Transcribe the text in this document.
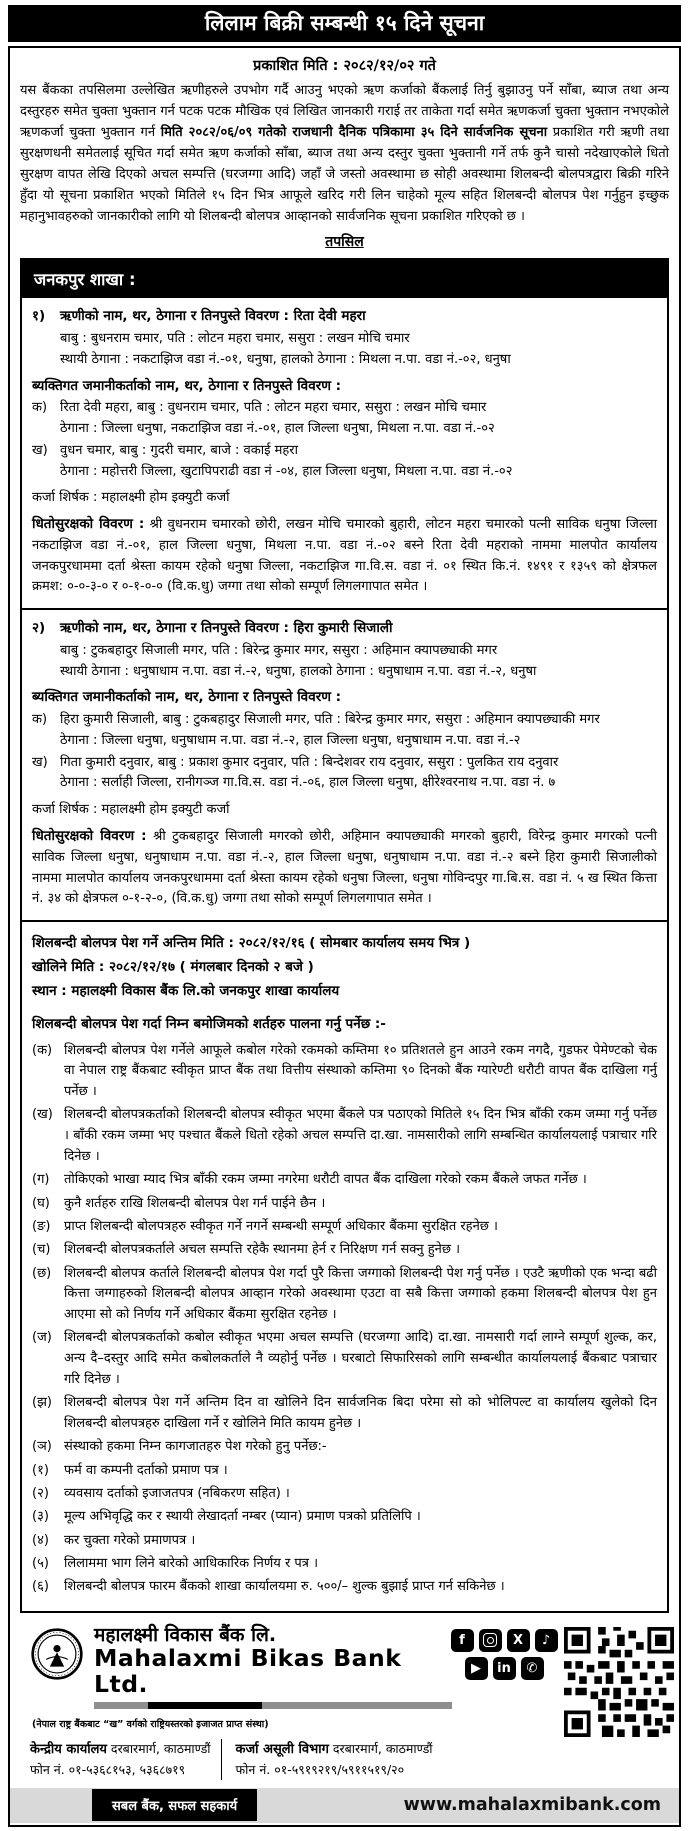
लिलाम बिक्री सम्बन्धी १५ दिने सूचना
प्रकाशित मिति : २०८२/१२/०२ गते

यस बैंकका तपसिलमा उल्लेखित ऋणीहरुले उपभोग गर्दै आउनु भएको ऋण कर्जाको बैंकलाई तिर्नु बुझाउनु पर्ने साँबा, ब्याज तथा अन्य दस्तुरहरु समेत चुक्ता भुक्तान गर्न पटक पटक मौखिक एवं लिखित जानकारी गराई तर ताकेता गर्दा समेत ऋणकर्जा चुक्ता भुक्तान नभएकोले ऋणकर्जा चुक्ता भुक्तान गर्न मिति २०८२/०६/०९ गतेको राजधानी दैनिक पत्रिकामा ३५ दिने सार्वजनिक सूचना प्रकाशित गरी ऋणी तथा सुरक्षणधनी समेतलाई सूचित गर्दा समेत ऋण कर्जाको साँबा, ब्याज तथा अन्य दस्तुर चुक्ता भुक्तानी गर्ने तर्फ कुनै चासो नदेखाएकोले धितो सुरक्षण वापत लेखि दिएको अचल सम्पत्ति (घरजग्गा आदि) जहाँ जे जस्तो अवस्थामा छ सोही अवस्थामा शिलबन्दी बोलपत्रद्वारा बिक्री गरिने हुँदा यो सूचना प्रकाशित भएको मितिले १५ दिन भित्र आफूले खरिद गरी लिन चाहेको मूल्य सहित शिलबन्दी बोलपत्र पेश गर्नुहुन इच्छुक महानुभावहरुको जानकारीको लागि यो शिलबन्दी बोलपत्र आव्हानको सार्वजनिक सूचना प्रकाशित गरिएको छ ।

तपसिल
जनकपुर शाखा :
१)	ऋणीको नाम, थर, ठेगाना र तिनपुस्ते विवरण : रिता देवी महरा
बाबु : बुधनराम चमार, पति : लोटन महरा चमार, ससुरा : लखन मोचि चमार
स्थायी ठेगाना : नकटाझिज वडा नं.-०१, धनुषा, हालको ठेगाना : मिथला न.पा. वडा नं.-०२, धनुषा
ब्यक्तिगत जमानीकर्ताको नाम, थर, ठेगाना र तिनपुस्ते विवरण :
क) रिता देवी महरा, बाबु : वुधनराम चमार, पति : लोटन महरा चमार, ससुरा : लखन मोचि चमार
ठेगाना : जिल्ला धनुषा, नकटाझिज वडा नं.-०१, हाल जिल्ला धनुषा, मिथला न.पा. वडा नं.-०२
ख) वुधन चमार, बाबु : गुदरी चमार, बाजे : वकाई महरा
ठेगाना : महोत्तरी जिल्ला, खुटापिपराढी वडा नं -०४, हाल जिल्ला धनुषा, मिथला न.पा. वडा नं.-०२
कर्जा शिर्षक : महालक्ष्मी होम इक्युटी कर्जा
धितोसुरक्षको विवरण : श्री वुधनराम चमारको छोरी, लखन मोचि चमारको बुहारी, लोटन महरा चमारको पत्नी साविक धनुषा जिल्ला नकटाझिज वडा नं.-०१, हाल जिल्ला धनुषा, मिथला न.पा. वडा नं.-०२ बस्ने रिता देवी महराको नाममा मालपोत कार्यालय जनकपुरधाममा दर्ता श्रेस्ता कायम रहेको धनुषा जिल्ला, नकटाझिज गा.वि.स. वडा नं. ०१ स्थित कि.नं. १४९१ र १३५९ को क्षेत्रफल क्रमश: ०-०-३-० र ०-१-०-० (वि.क.धु) जग्गा तथा सोको सम्पूर्ण लिगलगापात समेत ।
२)	ऋणीको नाम, थर, ठेगाना र तिनपुस्ते विवरण : हिरा कुमारी सिजाली
बाबु : टुकबहादुर सिजाली मगर, पति : बिरेन्द्र कुमार मगर, ससुरा : अहिमान क्यापछ्याकी मगर
स्थायी ठेगाना : धनुषाधाम न.पा. वडा नं.-२, धनुषा, हालको ठेगाना : धनुषाधाम न.पा. वडा नं.-२, धनुषा
ब्यक्तिगत जमानीकर्ताको नाम, थर, ठेगाना र तिनपुस्ते विवरण :
क) हिरा कुमारी सिजाली, बाबु : टुकबहादुर सिजाली मगर, पति : बिरेन्द्र कुमार मगर, ससुरा : अहिमान क्यापछ्याकी मगर
ठेगाना : जिल्ला धनुषा, धनुषाधाम न.पा. वडा नं.-२, हाल जिल्ला धनुषा, धनुषाधाम न.पा. वडा नं.-२
ख) गिता कुमारी दनुवार, बाबु : प्रकाश कुमार दनुवार, पति : बिन्देशवर राय दनुवार, ससुरा : पुलकित राय दनुवार
ठेगाना : सर्लाही जिल्ला, रानीगञ्ज गा.वि.स. वडा नं.-०६, हाल जिल्ला धनुषा, क्षीरेश्वरनाथ न.पा. वडा नं. ७
कर्जा शिर्षक : महालक्ष्मी होम इक्युटी कर्जा
धितोसुरक्षको विवरण : श्री टुकबहादुर सिजाली मगरको छोरी, अहिमान क्यापछ्याकी मगरको बुहारी, विरेन्द्र कुमार मगरको पत्नी साविक जिल्ला धनुषा, धनुषाधाम न.पा. वडा नं.-२, हाल जिल्ला धनुषा, धनुषाधाम न.पा. वडा नं.-२ बस्ने हिरा कुमारी सिजालीको नाममा मालपोत कार्यालय जनकपुरधाममा दर्ता श्रेस्ता कायम रहेको धनुषा जिल्ला, धनुषा गोविन्दपुर गा.बि.स. वडा नं. ५ ख स्थित कित्ता नं. ३४ को क्षेत्रफल ०-१-२-०, (वि.क.धु) जग्गा तथा सोको सम्पूर्ण लिगलगापात समेत ।
शिलबन्दी बोलपत्र पेश गर्ने अन्तिम मिति : २०८२/१२/१६ ( सोमबार कार्यालय समय भित्र )
खोलिने मिति : २०८२/१२/१७ ( मंगलबार दिनको २ बजे )
स्थान : महालक्ष्मी विकास बैंक लि.को जनकपुर शाखा कार्यालय
शिलबन्दी बोलपत्र पेश गर्दा निम्न बमोजिमको शर्तहरु पालना गर्नु पर्नेछ :-
(क) शिलबन्दी बोलपत्र पेश गर्नेले आफूले कबोल गरेको रकमको कम्तिमा १० प्रतिशतले हुन आउने रकम नगदै, गुडफर पेमेण्टको चेक वा नेपाल राष्ट्र बैंकबाट स्वीकृत प्राप्त बैंक तथा वित्तीय संस्थाको कम्तिमा ९० दिनको बैंक ग्यारेण्टी धरौटी वापत बैंक दाखिला गर्नु पर्नेछ ।
(ख) शिलबन्दी बोलपत्रकर्ताको शिलबन्दी बोलपत्र स्वीकृत भएमा बैंकले पत्र पठाएको मितिले १५ दिन भित्र बाँकी रकम जम्मा गर्नु पर्नेछ । बाँकी रकम जम्मा भए पश्चात बैंकले धितो रहेको अचल सम्पत्ति दा.खा. नामसारीको लागि सम्बन्धित कार्यालयलाई पत्राचार गरि दिनेछ ।
(ग)	तोकिएको भाखा म्याद भित्र बाँकी रकम जम्मा नगरेमा धरौटी वापत बैंक दाखिला गरेको रकम बैंकले जफत गर्नेछ ।
(घ)	कुनै शर्तहरु राखि शिलबन्दी बोलपत्र पेश गर्न पाईने छैन ।
(ङ)	प्राप्त शिलबन्दी बोलपत्रहरु स्वीकृत गर्ने नगर्ने सम्बन्धी सम्पूर्ण अधिकार बैंकमा सुरक्षित रहनेछ ।
(च)	शिलबन्दी बोलपत्रकर्ताले अचल सम्पत्ति रहेकै स्थानमा हेर्न र निरिक्षण गर्न सक्नु हुनेछ ।
(छ) शिलबन्दी बोलपत्र कर्ताले शिलबन्दी बोलपत्र पेश गर्दा पुरै कित्ता जग्गाको शिलबन्दी पेश गर्नु पर्नेछ । एउटै ऋणीको एक भन्दा बढी कित्ता जग्गाहरुको शिलबन्दी बोलपत्र आव्हान गरेको अवस्थामा एउटा वा सबै कित्ता जग्गाको हकमा शिलबन्दी बोलपत्र पेश हुन आएमा सो को निर्णय गर्ने अधिकार बैंकमा सुरक्षित रहनेछ ।
(ज) शिलबन्दी बोलपत्रकर्ताको कबोल स्वीकृत भएमा अचल सम्पत्ति (घरजग्गा आदि) दा.खा. नामसारी गर्दा लाग्ने सम्पूर्ण शुल्क, कर, अन्य दै–दस्तुर आदि समेत कबोलकर्ताले नै व्यहोर्नु पर्नेछ । घरबाटो सिफारिसको लागि सम्बन्धीत कार्यालयलाई बैंकबाट पत्राचार गरि दिनेछ ।
(झ) शिलबन्दी बोलपत्र पेश गर्ने अन्तिम दिन वा खोलिने दिन सार्वजनिक बिदा परेमा सो को भोलिपल्ट वा कार्यालय खुलेको दिन शिलबन्दी बोलपत्रहरु दाखिला गर्ने र खोलिने मिति कायम हुनेछ ।
(ञ) संस्थाको हकमा निम्न कागजातहरु पेश गरेको हुनु पर्नेछ:-
(१)	फर्म वा कम्पनी दर्ताको प्रमाण पत्र ।
(२)	व्यवसाय दर्ताको इजाजतपत्र (नबिकरण सहित) ।
(३)	मूल्य अभिवृद्धि कर र स्थायी लेखादर्ता नम्बर (प्यान) प्रमाण पत्रको प्रतिलिपि ।
(४)	कर चुक्ता गरेको प्रमाणपत्र ।
(५)	लिलाममा भाग लिने बारेको आधिकारिक निर्णय र पत्र ।
(६)	शिलबन्दी बोलपत्र फारम बैंकको शाखा कार्यालयमा रु. ५००/– शुल्क बुझाई प्राप्त गर्न सकिनेछ ।
महालक्ष्मी विकास बैंक लि.
Mahalaxmi Bikas Bank Ltd.
f	X	♪
▶	in	✆
(नेपाल राष्ट्र बैंकबाट “ख” वर्गको राष्ट्रियस्तरको इजाजत प्राप्त संस्था)
केन्द्रीय कार्यालय दरबारमार्ग, काठमाण्डौं
फोन नं. ०१-५३६८१५३, ५३६८७१९
कर्जा असूली विभाग दरबारमार्ग, काठमाण्डौं
फोन नं. ०१-५९१९२१९/५९११५१९/२०
सबल बैंक, सफल सहकार्य	www.mahalaxmibank.com
